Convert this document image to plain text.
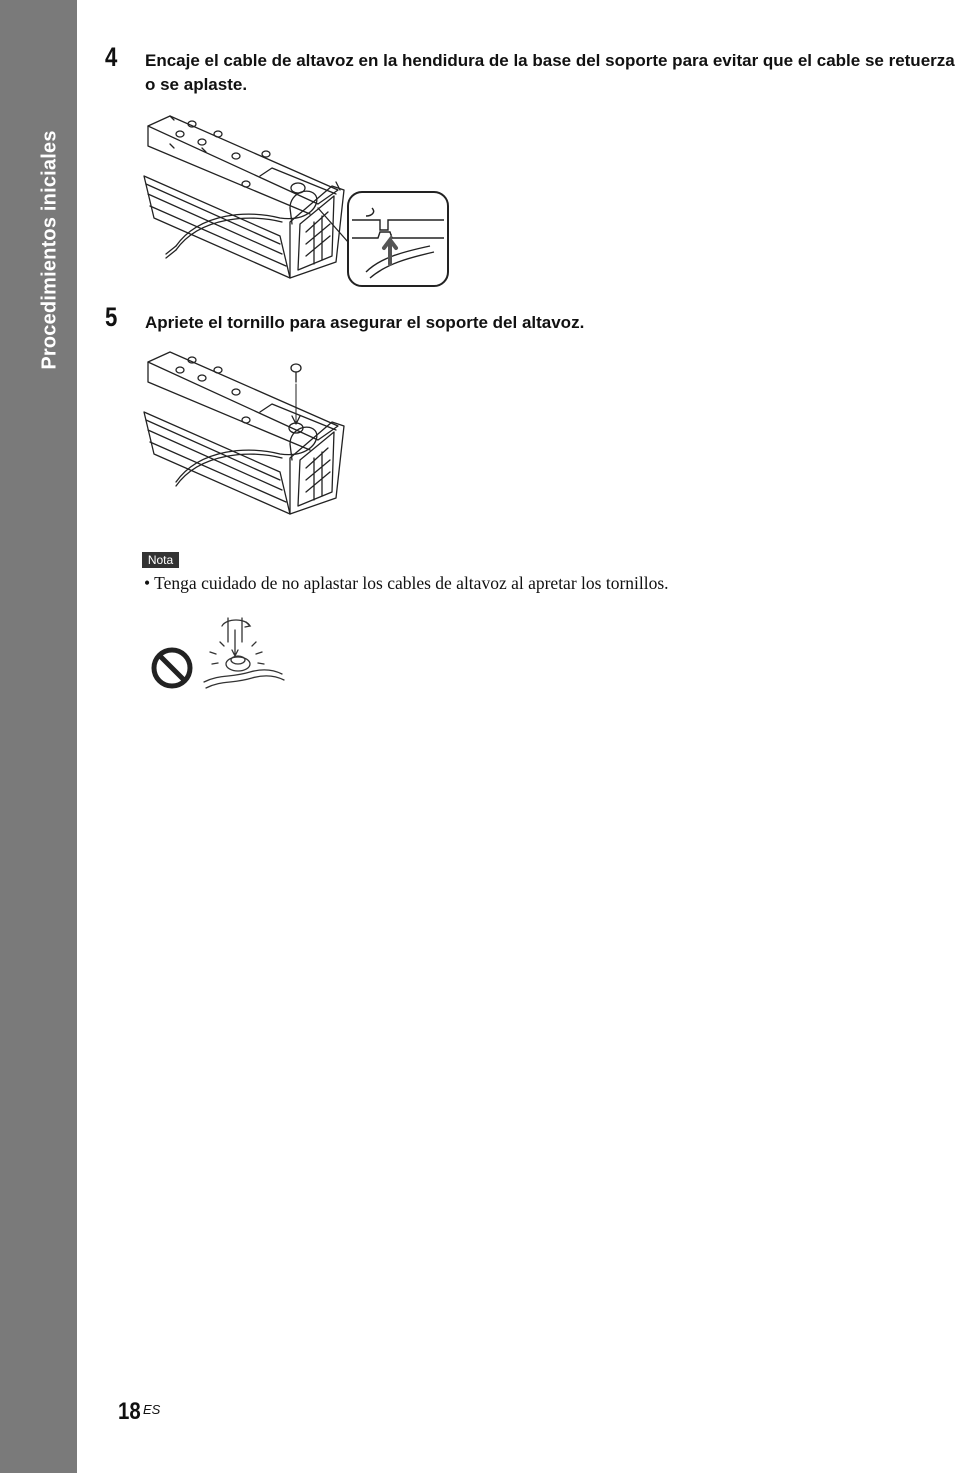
Procedimientos iniciales
4 Encaje el cable de altavoz en la hendidura de la base del soporte para evitar que el cable se retuerza o se aplaste.
5 Apriete el tornillo para asegurar el soporte del altavoz.
Nota
• Tenga cuidado de no aplastar los cables de altavoz al apretar los tornillos.
18 ES
